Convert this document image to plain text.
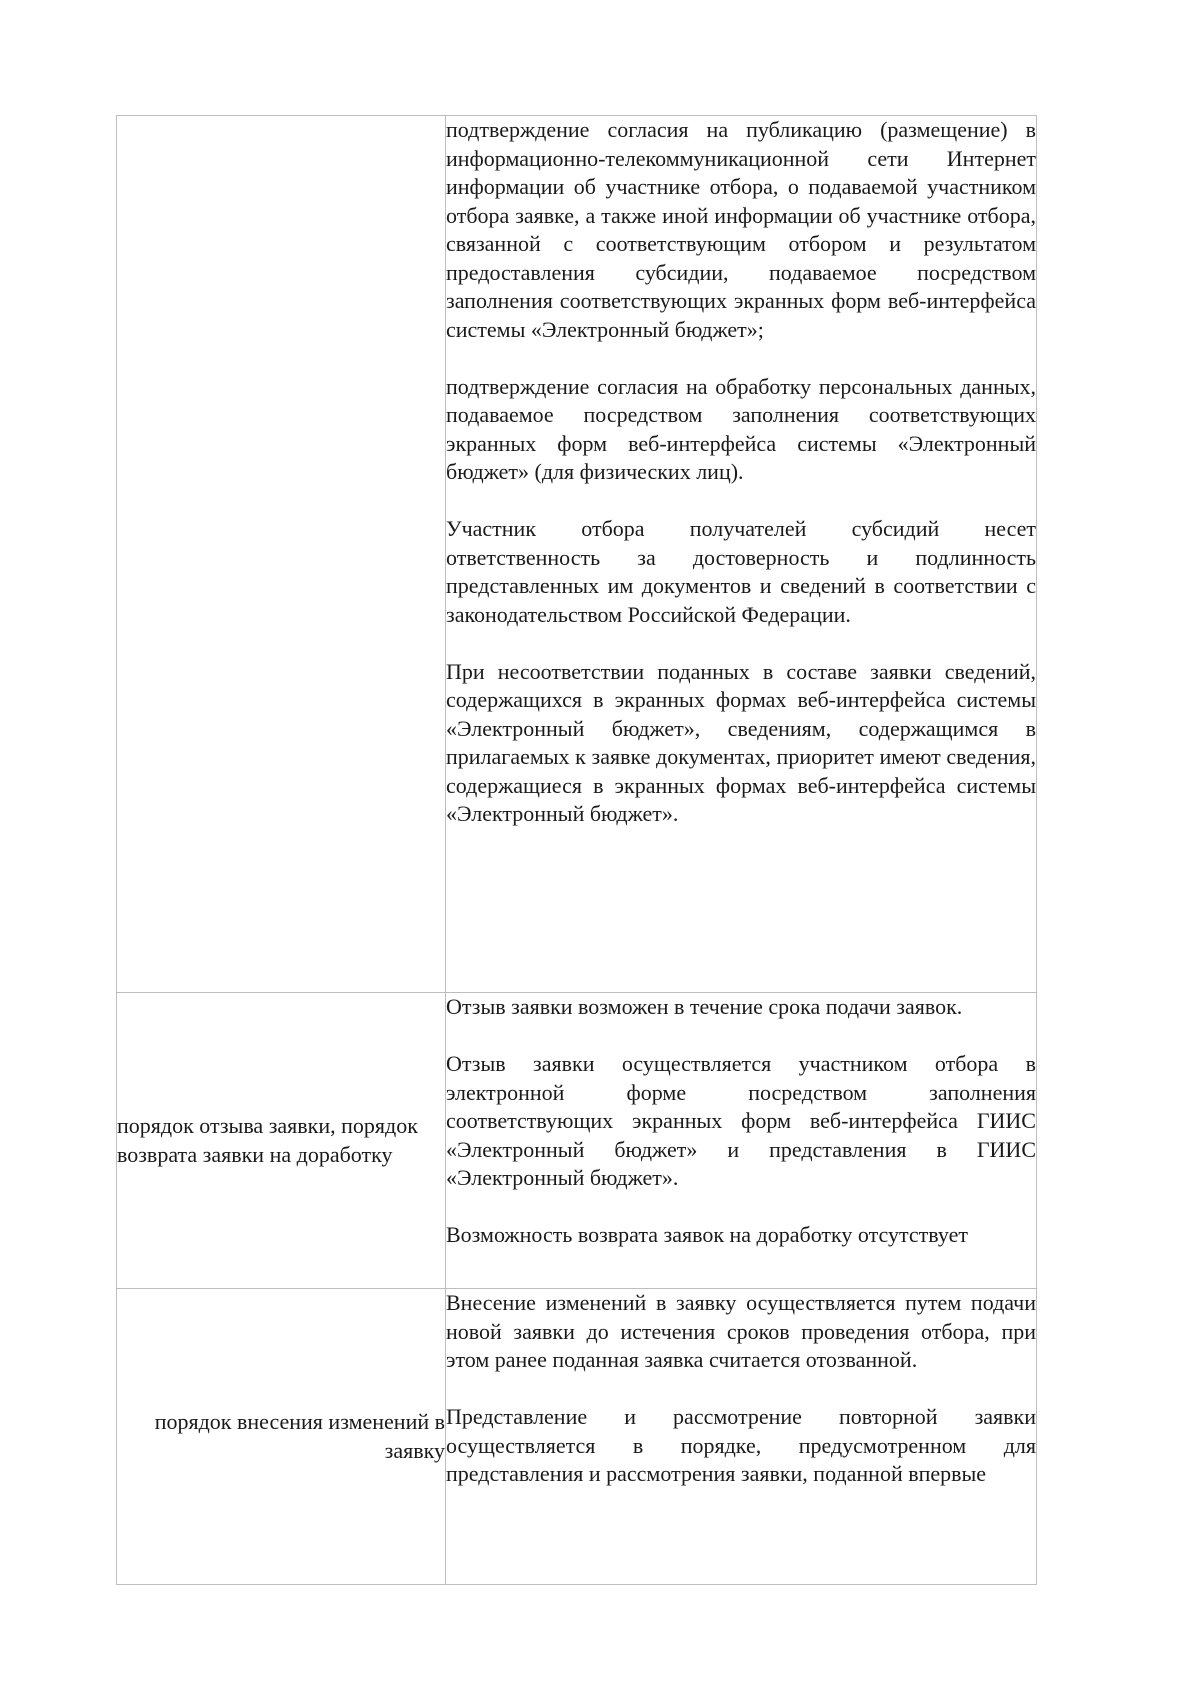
	подтверждение согласия на публикацию (размещение) в информационно-телекоммуникационной сети Интернет информации об участнике отбора, о подаваемой участником отбора заявке, а также иной информации об участнике отбора, связанной с соответствующим отбором и результатом предоставления субсидии, подаваемое посредством заполнения соответствующих экранных форм веб-интерфейса системы «Электронный бюджет»;

подтверждение согласия на обработку персональных данных, подаваемое посредством заполнения соответствующих экранных форм веб-интерфейса системы «Электронный бюджет» (для физических лиц).

Участник отбора получателей субсидий несет ответственность за достоверность и подлинность представленных им документов и сведений в соответствии с законодательством Российской Федерации.

При несоответствии поданных в составе заявки сведений, содержащихся в экранных формах веб-интерфейса системы «Электронный бюджет», сведениям, содержащимся в прилагаемых к заявке документах, приоритет имеют сведения, содержащиеся в экранных формах веб-интерфейса системы «Электронный бюджет».

порядок отзыва заявки, порядок возврата заявки на доработку	Отзыв заявки возможен в течение срока подачи заявок.

Отзыв заявки осуществляется участником отбора в электронной форме посредством заполнения соответствующих экранных форм веб-интерфейса ГИИС «Электронный бюджет» и представления в ГИИС «Электронный бюджет».

Возможность возврата заявок на доработку отсутствует

порядок внесения изменений в заявку	Внесение изменений в заявку осуществляется путем подачи новой заявки до истечения сроков проведения отбора, при этом ранее поданная заявка считается отозванной.

Представление и рассмотрение повторной заявки осуществляется в порядке, предусмотренном для представления и рассмотрения заявки, поданной впервые
